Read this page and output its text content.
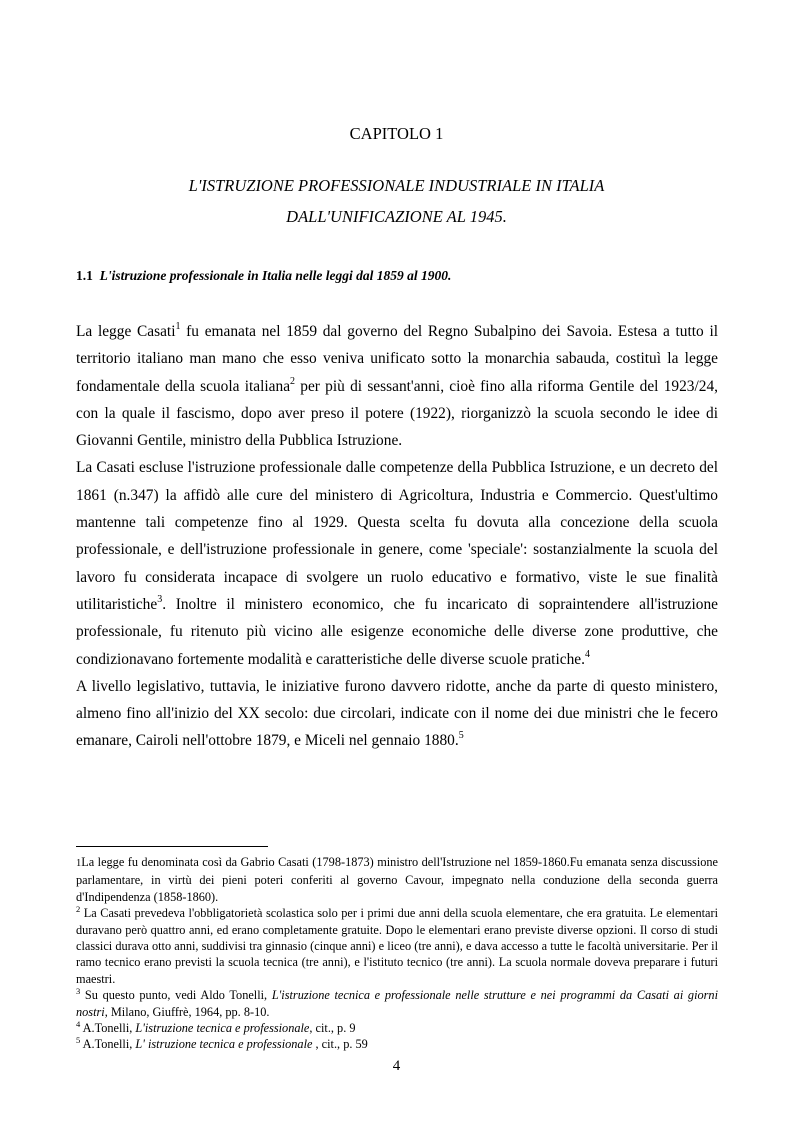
CAPITOLO 1
L'ISTRUZIONE PROFESSIONALE INDUSTRIALE IN ITALIA
DALL'UNIFICAZIONE AL 1945.
1.1 L'istruzione professionale in Italia nelle leggi dal 1859 al 1900.

La legge Casati$^1$ fu emanata nel 1859 dal governo del Regno Subalpino dei Savoia. Estesa a tutto il territorio italiano man mano che esso veniva unificato sotto la monarchia sabauda, costituì la legge fondamentale della scuola italiana$^2$ per più di sessant'anni, cioè fino alla riforma Gentile del 1923/24, con la quale il fascismo, dopo aver preso il potere (1922), riorganizzò la scuola secondo le idee di Giovanni Gentile, ministro della Pubblica Istruzione.

La Casati escluse l'istruzione professionale dalle competenze della Pubblica Istruzione, e un decreto del 1861 (n.347) la affidò alle cure del ministero di Agricoltura, Industria e Commercio. Quest'ultimo mantenne tali competenze fino al 1929. Questa scelta fu dovuta alla concezione della scuola professionale, e dell'istruzione professionale in genere, come 'speciale': sostanzialmente la scuola del lavoro fu considerata incapace di svolgere un ruolo educativo e formativo, viste le sue finalità utilitaristiche$^3$. Inoltre il ministero economico, che fu incaricato di sopraintendere all'istruzione professionale, fu ritenuto più vicino alle esigenze economiche delle diverse zone produttive, che condizionavano fortemente modalità e caratteristiche delle diverse scuole pratiche.$^4$

A livello legislativo, tuttavia, le iniziative furono davvero ridotte, anche da parte di questo ministero, almeno fino all'inizio del XX secolo: due circolari, indicate con il nome dei due ministri che le fecero emanare, Cairoli nell'ottobre 1879, e Miceli nel gennaio 1880.$^5$

1La legge fu denominata così da Gabrio Casati (1798-1873) ministro dell'Istruzione nel 1859-1860.Fu emanata senza discussione parlamentare, in virtù dei pieni poteri conferiti al governo Cavour, impegnato nella conduzione della seconda guerra d'Indipendenza (1858-1860).

$^2$ La Casati prevedeva l'obbligatorietà scolastica solo per i primi due anni della scuola elementare, che era gratuita. Le elementari duravano però quattro anni, ed erano completamente gratuite. Dopo le elementari erano previste diverse opzioni. Il corso di studi classici durava otto anni, suddivisi tra ginnasio (cinque anni) e liceo (tre anni), e dava accesso a tutte le facoltà universitarie. Per il ramo tecnico erano previsti la scuola tecnica (tre anni), e l'istituto tecnico (tre anni). La scuola normale doveva preparare i futuri maestri.

$^3$ Su questo punto, vedi Aldo Tonelli, L'istruzione tecnica e professionale nelle strutture e nei programmi da Casati ai giorni nostri, Milano, Giuffrè, 1964, pp. 8-10.

$^4$ A.Tonelli, L'istruzione tecnica e professionale, cit., p. 9

$^5$ A.Tonelli, L' istruzione tecnica e professionale , cit., p. 59

4
